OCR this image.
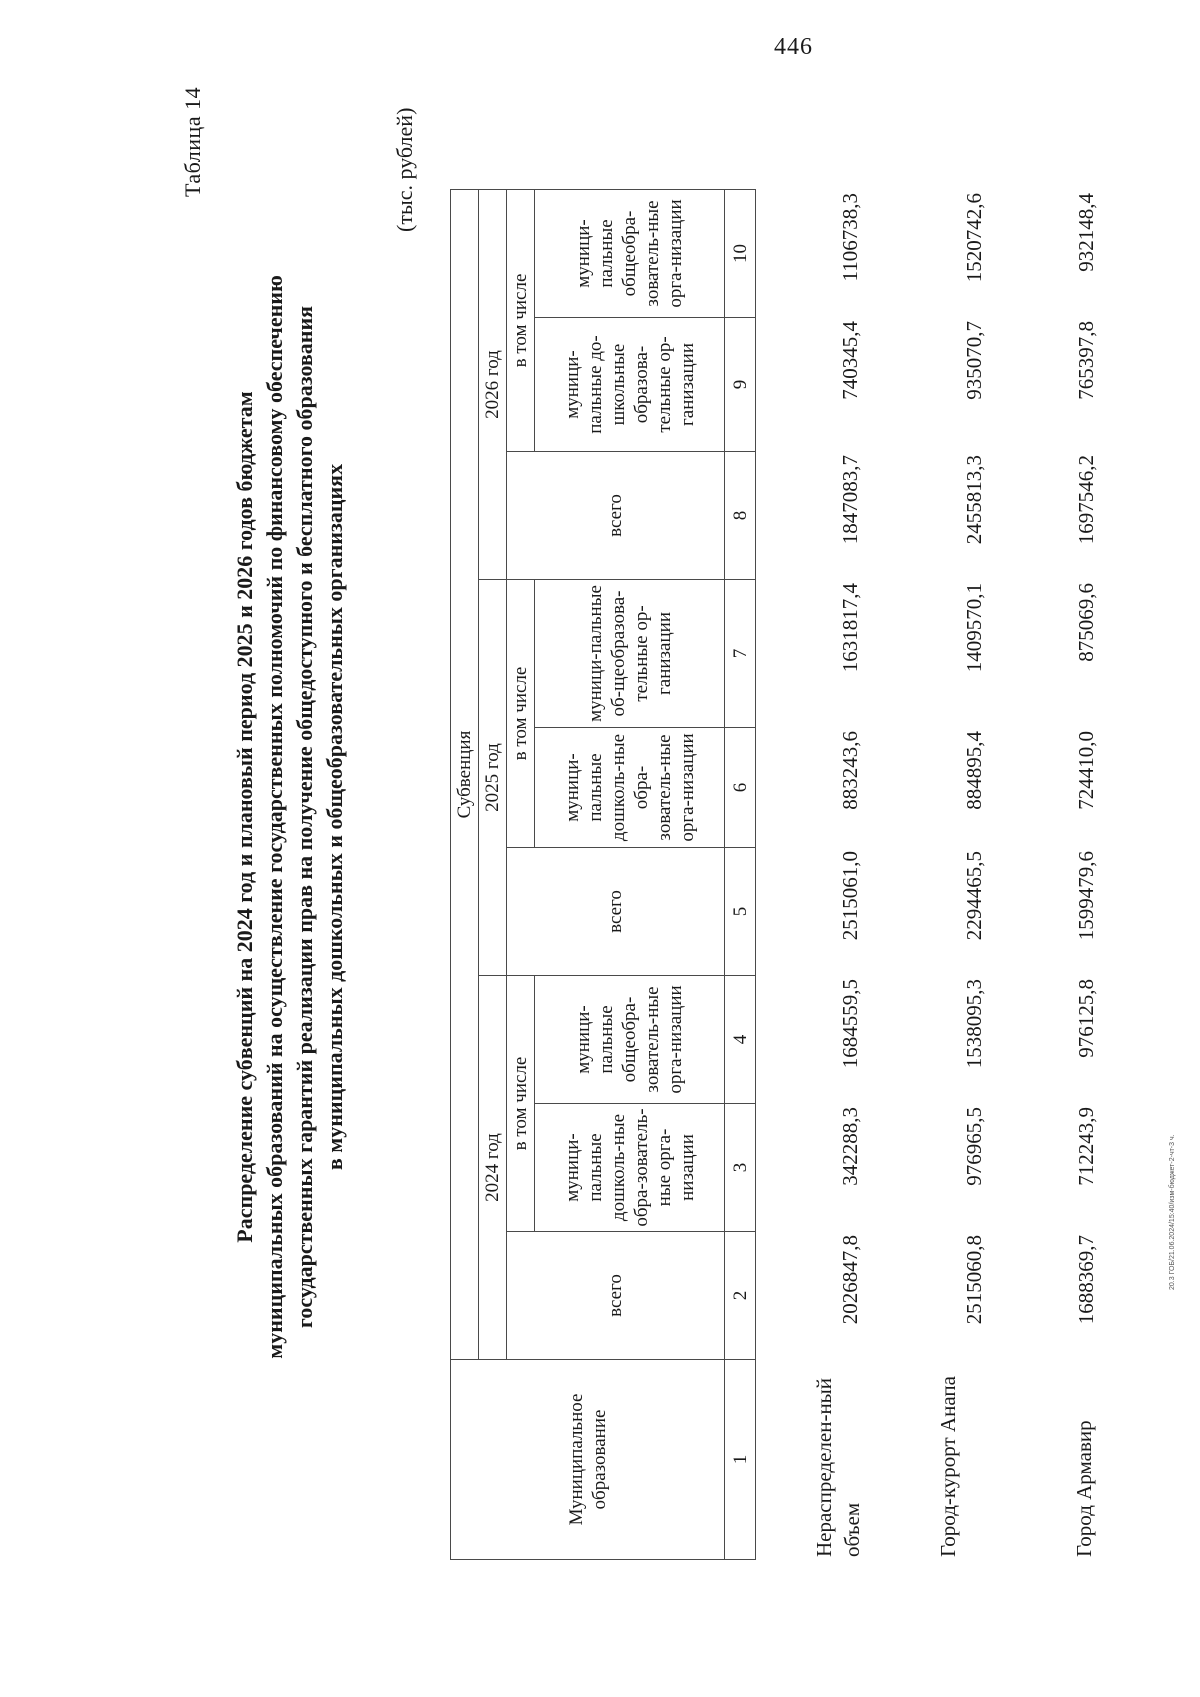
446
20.3 ГОБ/21.06.2024/15:40/изм-бюджет-2-чт-3 ч.
Таблица 14
Распределение субвенций на 2024 год и плановый период 2025 и 2026 годов бюджетам муниципальных образований на осуществление государственных полномочий по финансовому обеспечению государственных гарантий реализации прав на получение общедоступного и бесплатного образования в муниципальных дошкольных и общеобразовательных организациях
(тыс. рублей)
Муниципальное образование	Субвенция								
	2024 год			2025 год			2026 год		
	всего	в том числе		всего	в том числе		всего	в том числе	
		муници-пальные дошколь-ные обра-зователь-ные орга-низации	муници-пальные общеобра-зователь-ные орга-низации		муници-пальные дошколь-ные обра-зователь-ные орга-низации	муници-пальные об-щеобразова-тельные ор-ганизации		муници-пальные до-школьные образова-тельные ор-ганизации	муници-пальные общеобра-зователь-ные орга-низации
1	2	3	4	5	6	7	8	9	10
Нераспределен-ный объем	2026847,8	342288,3	1684559,5	2515061,0	883243,6	1631817,4	1847083,7	740345,4	1106738,3
Город-курорт Анапа	2515060,8	976965,5	1538095,3	2294465,5	884895,4	1409570,1	2455813,3	935070,7	1520742,6
Город Армавир	1688369,7	712243,9	976125,8	1599479,6	724410,0	875069,6	1697546,2	765397,8	932148,4
